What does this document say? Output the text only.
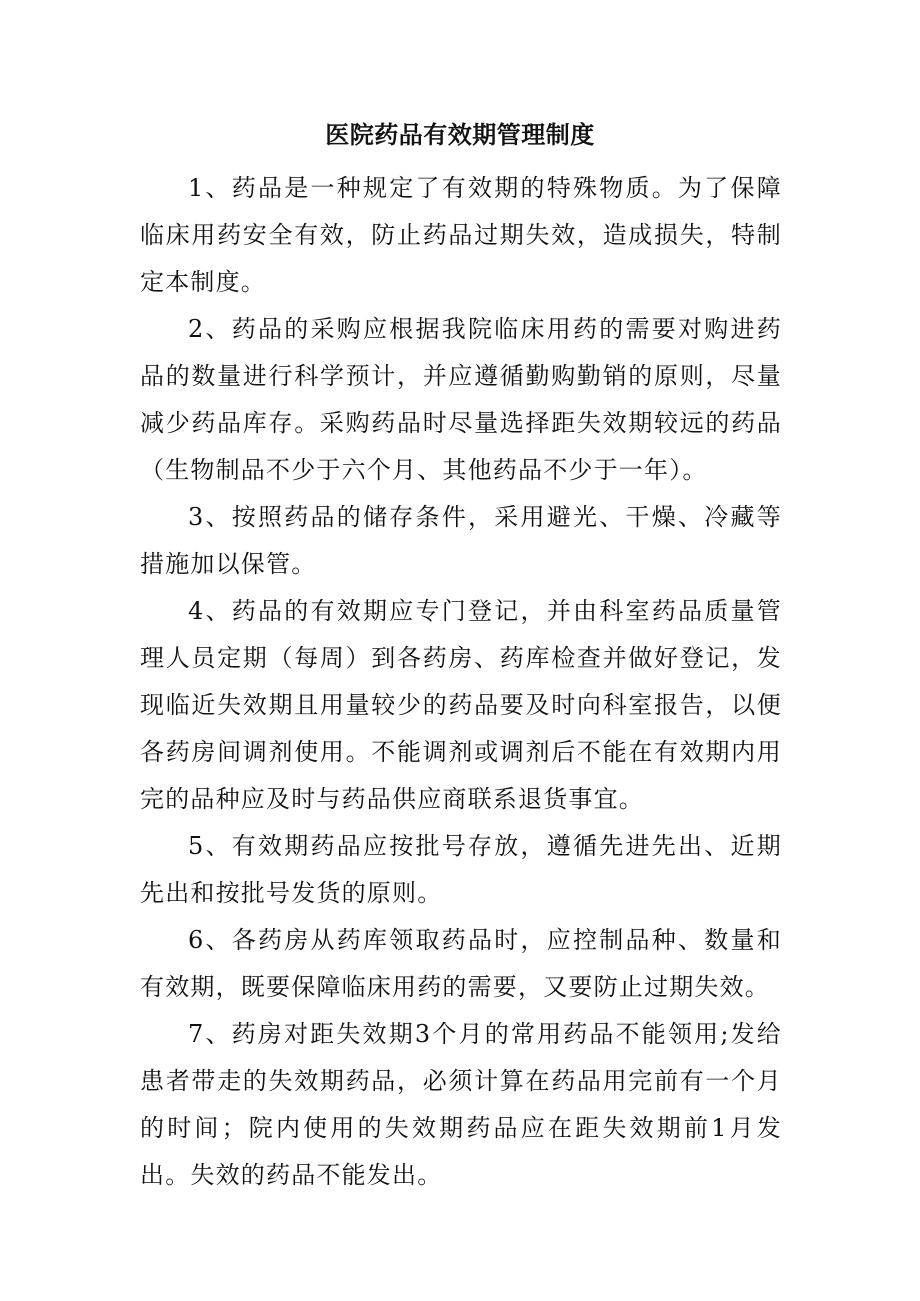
医院药品有效期管理制度

1、药品是一种规定了有效期的特殊物质。为了保障临床用药安全有效，防止药品过期失效，造成损失，特制定本制度。

2、药品的采购应根据我院临床用药的需要对购进药品的数量进行科学预计，并应遵循勤购勤销的原则，尽量减少药品库存。采购药品时尽量选择距失效期较远的药品（生物制品不少于六个月、其他药品不少于一年）。

3、按照药品的储存条件，采用避光、干燥、冷藏等措施加以保管。

4、药品的有效期应专门登记，并由科室药品质量管理人员定期（每周）到各药房、药库检查并做好登记，发现临近失效期且用量较少的药品要及时向科室报告，以便各药房间调剂使用。不能调剂或调剂后不能在有效期内用完的品种应及时与药品供应商联系退货事宜。

5、有效期药品应按批号存放，遵循先进先出、近期先出和按批号发货的原则。

6、各药房从药库领取药品时，应控制品种、数量和有效期，既要保障临床用药的需要，又要防止过期失效。

7、药房对距失效期3个月的常用药品不能领用;发给患者带走的失效期药品，必须计算在药品用完前有一个月的时间；院内使用的失效期药品应在距失效期前1月发出。失效的药品不能发出。
